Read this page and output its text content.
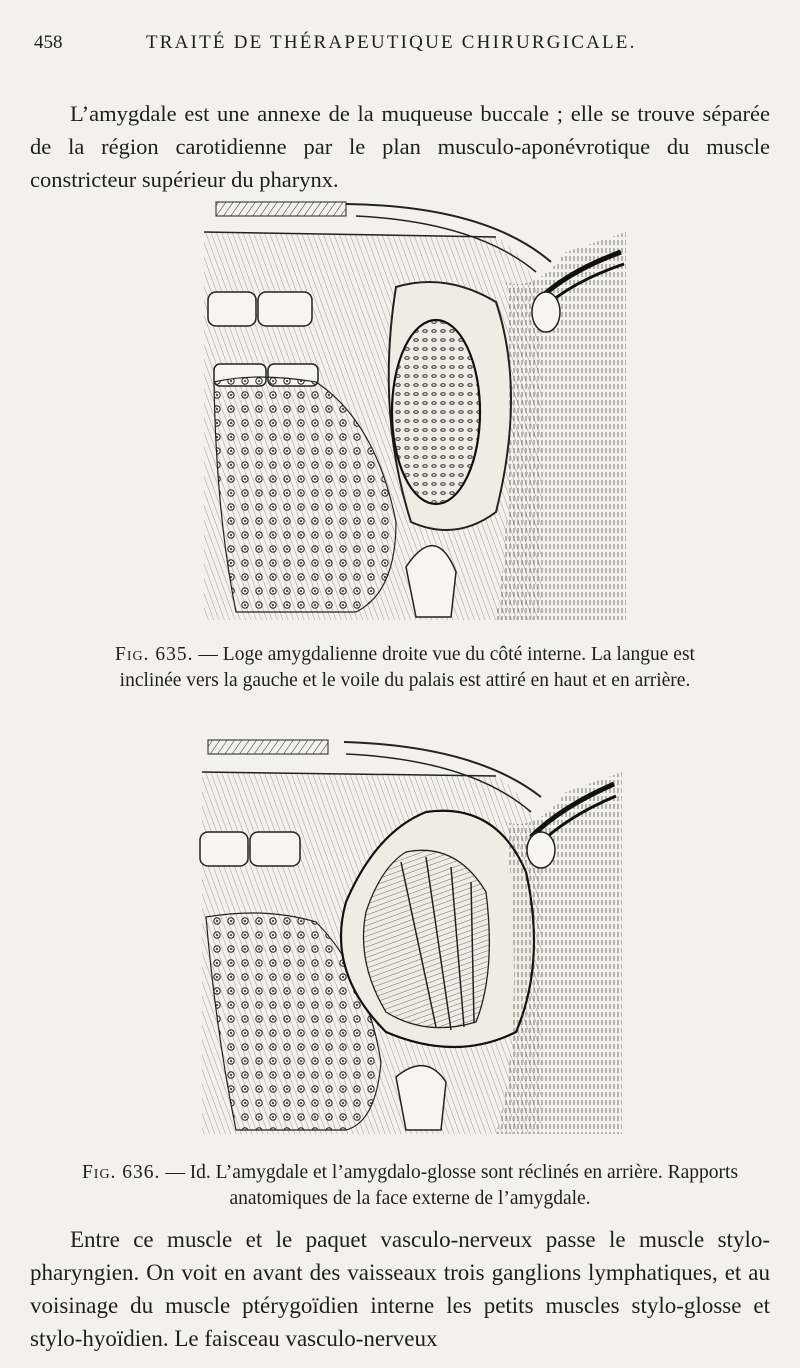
458	TRAITÉ DE THÉRAPEUTIQUE CHIRURGICALE.

L’amygdale est une annexe de la muqueuse buccale ; elle se trouve séparée de la région carotidienne par le plan musculo-aponévrotique du muscle constricteur supérieur du pharynx.

Fig. 635. — Loge amygdalienne droite vue du côté interne. La langue est inclinée vers la gauche et le voile du palais est attiré en haut et en arrière.

Fig. 636. — Id. L’amygdale et l’amygdalo-glosse sont réclinés en arrière. Rapports anatomiques de la face externe de l’amygdale.

Entre ce muscle et le paquet vasculo-nerveux passe le muscle stylo-pharyngien. On voit en avant des vaisseaux trois ganglions lymphatiques, et au voisinage du muscle ptérygoïdien interne les petits muscles stylo-glosse et stylo-hyoïdien. Le faisceau vasculo-nerveux
